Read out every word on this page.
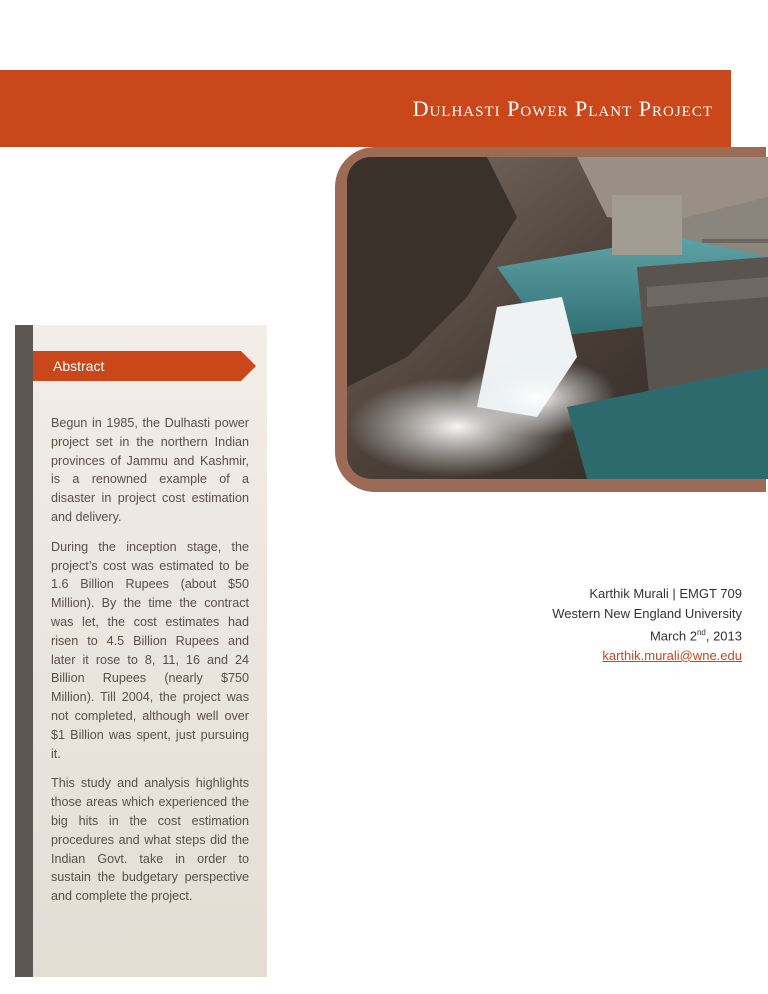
Dulhasti Power Plant Project
Abstract

Begun in 1985, the Dulhasti power project set in the northern Indian provinces of Jammu and Kashmir, is a renowned example of a disaster in project cost estimation and delivery.

During the inception stage, the project’s cost was estimated to be 1.6 Billion Rupees (about $50 Million). By the time the contract was let, the cost estimates had risen to 4.5 Billion Rupees and later it rose to 8, 11, 16 and 24 Billion Rupees (nearly $750 Million). Till 2004, the project was not completed, although well over $1 Billion was spent, just pursuing it.

This study and analysis highlights those areas which experienced the big hits in the cost estimation procedures and what steps did the Indian Govt. take in order to sustain the budgetary perspective and complete the project.

Karthik Murali | EMGT 709
Western New England University
March 2nd, 2013
karthik.murali@wne.edu
